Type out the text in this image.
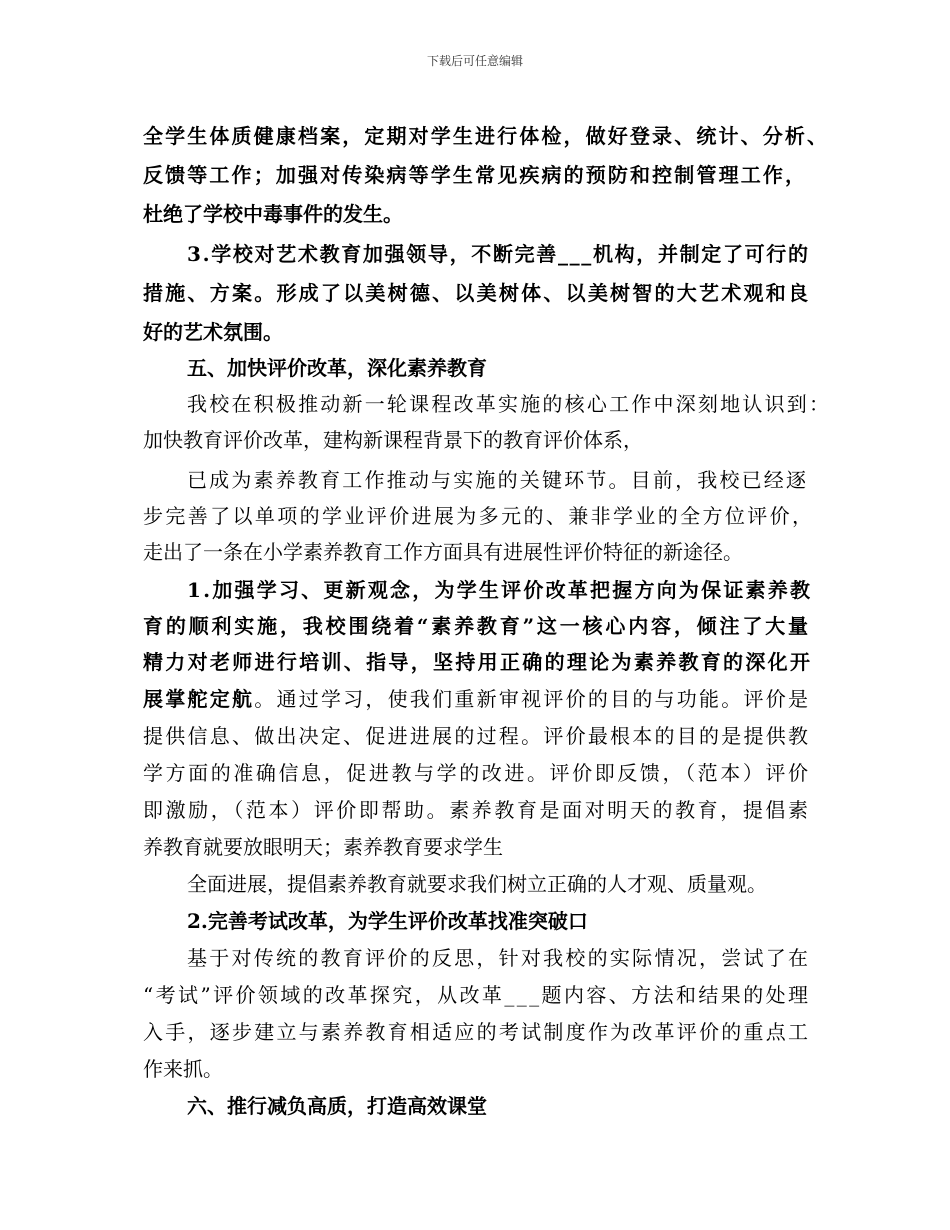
下载后可任意编辑
全学生体质健康档案，定期对学生进行体检，做好登录、统计、分析、
反馈等工作；加强对传染病等学生常见疾病的预防和控制管理工作，
杜绝了学校中毒事件的发生。
3.学校对艺术教育加强领导，不断完善___机构，并制定了可行的
措施、方案。形成了以美树德、以美树体、以美树智的大艺术观和良
好的艺术氛围。
五、加快评价改革，深化素养教育
我校在积极推动新一轮课程改革实施的核心工作中深刻地认识到：
加快教育评价改革，建构新课程背景下的教育评价体系，
已成为素养教育工作推动与实施的关键环节。目前，我校已经逐
步完善了以单项的学业评价进展为多元的、兼非学业的全方位评价，
走出了一条在小学素养教育工作方面具有进展性评价特征的新途径。
1.加强学习、更新观念，为学生评价改革把握方向为保证素养教
育的顺利实施，我校围绕着“素养教育”这一核心内容，倾注了大量
精力对老师进行培训、指导，坚持用正确的理论为素养教育的深化开
展掌舵定航。通过学习，使我们重新审视评价的目的与功能。评价是
提供信息、做出决定、促进进展的过程。评价最根本的目的是提供教
学方面的准确信息，促进教与学的改进。评价即反馈，（范本）评价
即激励，（范本）评价即帮助。素养教育是面对明天的教育，提倡素
养教育就要放眼明天；素养教育要求学生
全面进展，提倡素养教育就要求我们树立正确的人才观、质量观。
2.完善考试改革，为学生评价改革找准突破口
基于对传统的教育评价的反思，针对我校的实际情况，尝试了在
“考试”评价领域的改革探究，从改革___题内容、方法和结果的处理
入手，逐步建立与素养教育相适应的考试制度作为改革评价的重点工
作来抓。
六、推行减负高质，打造高效课堂
